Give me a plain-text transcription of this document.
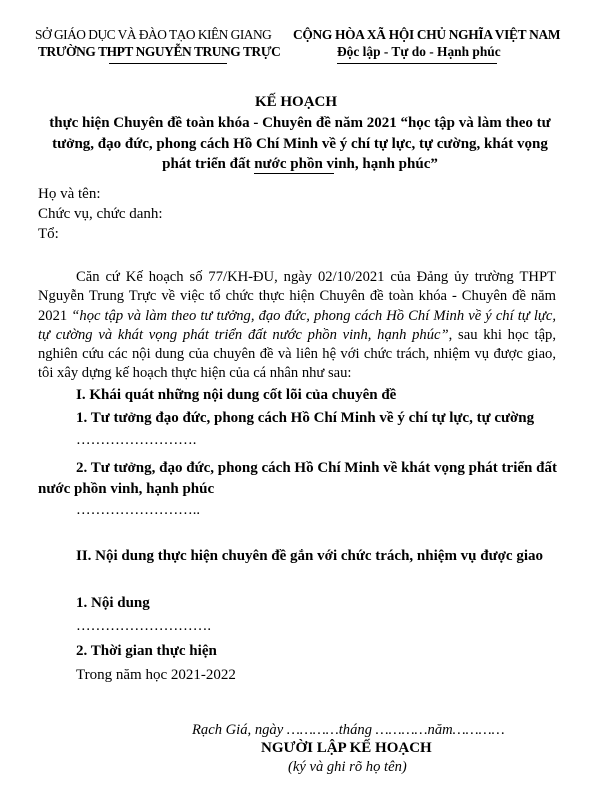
SỞ GIÁO DỤC VÀ ĐÀO TẠO KIÊN GIANG
TRƯỜNG THPT NGUYỄN TRUNG TRỰC
CỘNG HÒA XÃ HỘI CHỦ NGHĨA VIỆT NAM
Độc lập - Tự do - Hạnh phúc
KẾ HOẠCH
thực hiện Chuyên đề toàn khóa - Chuyên đề năm 2021 “học tập và làm theo tư tưởng, đạo đức, phong cách Hồ Chí Minh về ý chí tự lực, tự cường, khát vọng phát triển đất nước phồn vinh, hạnh phúc”
Họ và tên:
Chức vụ, chức danh:
Tổ:
Căn cứ Kế hoạch số 77/KH-ĐU, ngày 02/10/2021 của Đảng ủy trường THPT Nguyễn Trung Trực về việc tổ chức thực hiện Chuyên đề toàn khóa - Chuyên đề năm 2021 “học tập và làm theo tư tưởng, đạo đức, phong cách Hồ Chí Minh về ý chí tự lực, tự cường và khát vọng phát triển đất nước phồn vinh, hạnh phúc”, sau khi học tập, nghiên cứu các nội dung của chuyên đề và liên hệ với chức trách, nhiệm vụ được giao, tôi xây dựng kế hoạch thực hiện của cá nhân như sau:
I. Khái quát những nội dung cốt lõi của chuyên đề
1. Tư tưởng đạo đức, phong cách Hồ Chí Minh về ý chí tự lực, tự cường
…………………….
2. Tư tưởng, đạo đức, phong cách Hồ Chí Minh về khát vọng phát triển đất nước phồn vinh, hạnh phúc
……………………..
II. Nội dung thực hiện chuyên đề gắn với chức trách, nhiệm vụ được giao
1. Nội dung
……………………….
2. Thời gian thực hiện
Trong năm học 2021-2022
Rạch Giá, ngày …………tháng …………năm…………
NGƯỜI LẬP KẾ HOẠCH
(ký và ghi rõ họ tên)
